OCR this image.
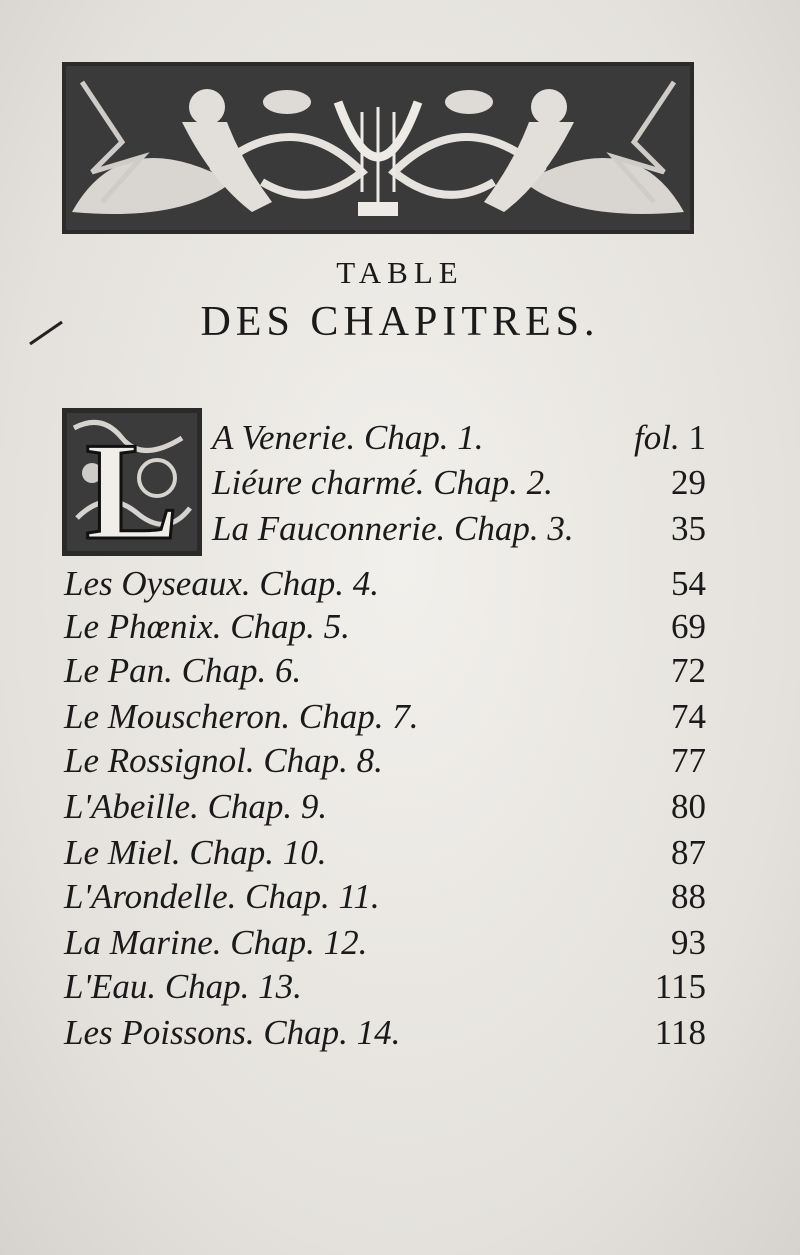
TABLE
DES CHAPITRES.
L A Venerie. Chap. 1.	fol. 1
Liéure charmé. Chap. 2.	29
La Fauconnerie. Chap. 3.	35
Les Oyseaux. Chap. 4.	54
Le Phœnix. Chap. 5.	69
Le Pan. Chap. 6.	72
Le Mouscheron. Chap. 7.	74
Le Rossignol. Chap. 8.	77
L'Abeille. Chap. 9.	80
Le Miel. Chap. 10.	87
L'Arondelle. Chap. 11.	88
La Marine. Chap. 12.	93
L'Eau. Chap. 13.	115
Les Poissons. Chap. 14.	118
